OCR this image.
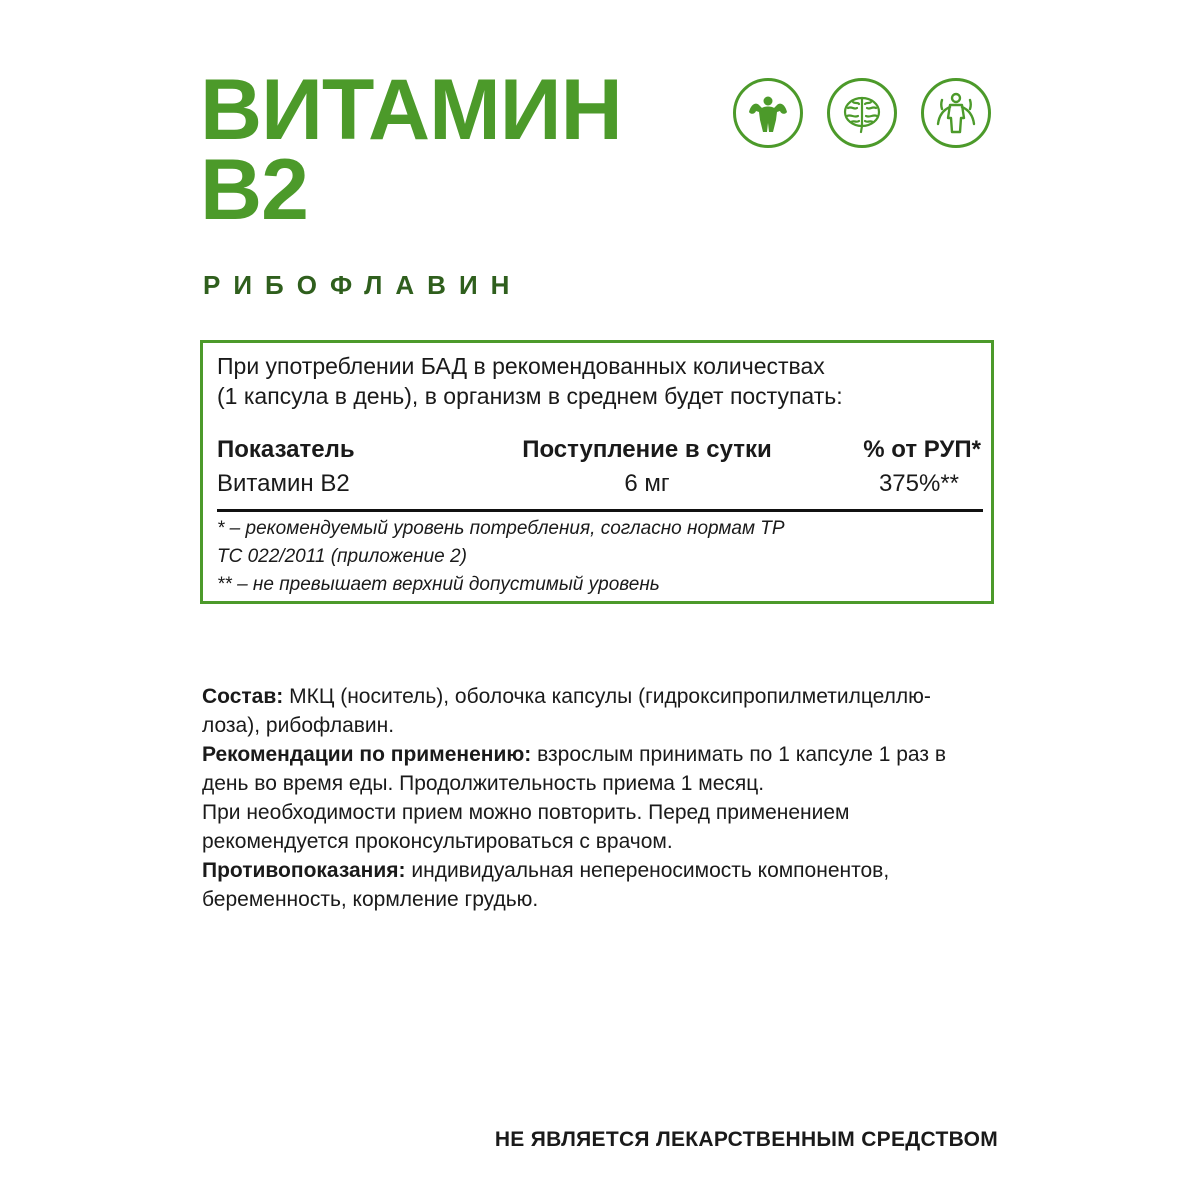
ВИТАМИН
В2
РИБОФЛАВИН

При употреблении БАД в рекомендованных количествах
(1 капсула в день), в организм в среднем будет поступать:

Показатель	Поступление в сутки	% от РУП*
Витамин В2	6 мг	375%**

* – рекомендуемый уровень потребления, согласно нормам ТР

ТС 022/2011 (приложение 2)

** – не превышает верхний допустимый уровень

Состав: МКЦ (носитель), оболочка капсулы (гидроксипропилметилцеллю-

лоза), рибофлавин.

Рекомендации по применению: взрослым принимать по 1 капсуле 1 раз в

день во время еды. Продолжительность приема 1 месяц.

При необходимости прием можно повторить. Перед применением

рекомендуется проконсультироваться с врачом.

Противопоказания: индивидуальная непереносимость компонентов,

беременность, кормление грудью.

НЕ ЯВЛЯЕТСЯ ЛЕКАРСТВЕННЫМ СРЕДСТВОМ
